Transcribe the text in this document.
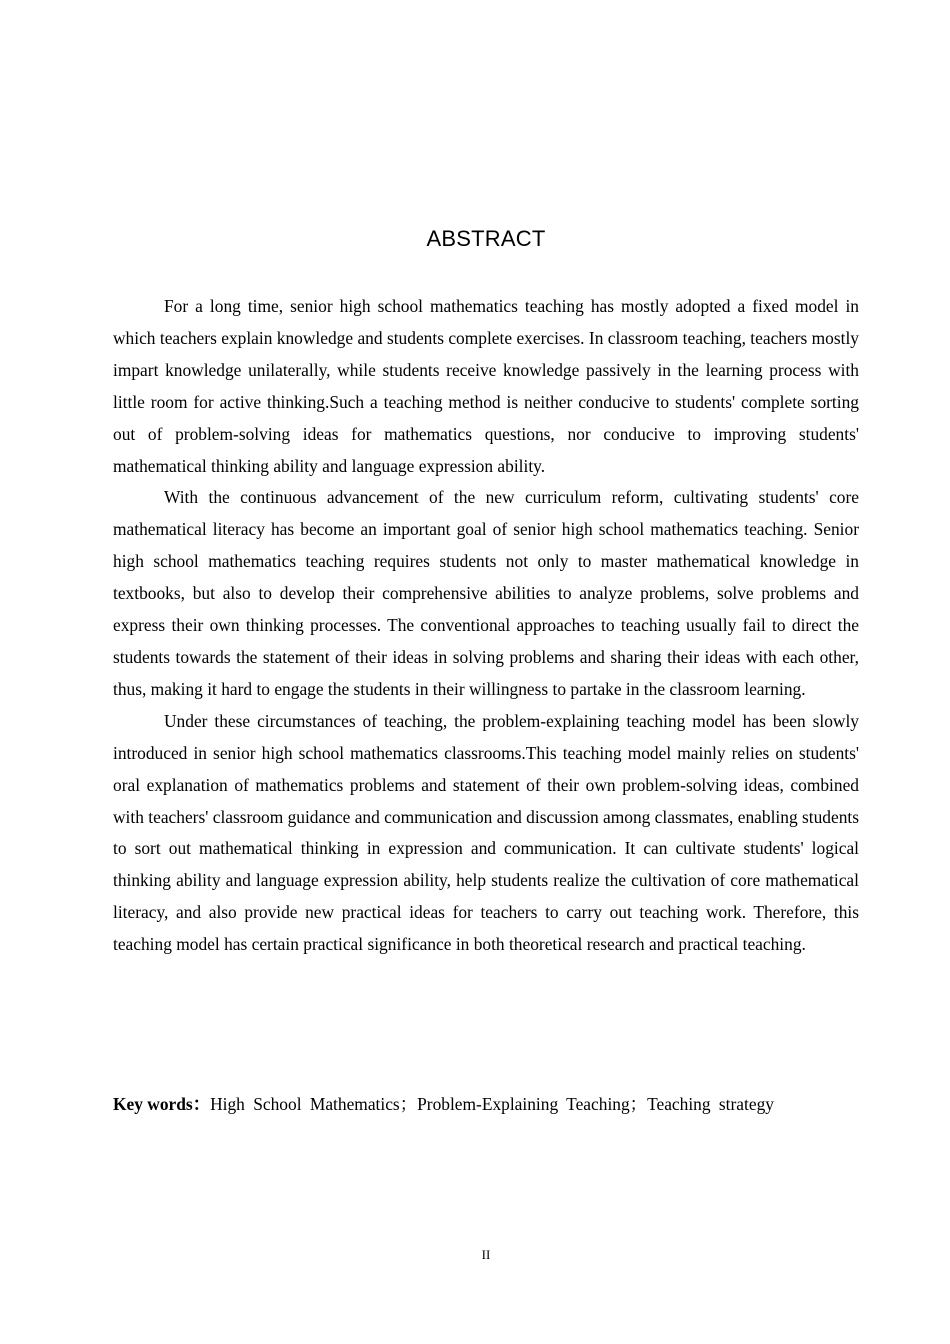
ABSTRACT

For a long time, senior high school mathematics teaching has mostly adopted a fixed model in which teachers explain knowledge and students complete exercises. In classroom teaching, teachers mostly impart knowledge unilaterally, while students receive knowledge passively in the learning process with little room for active thinking.Such a teaching method is neither conducive to students' complete sorting out of problem-solving ideas for mathematics questions, nor conducive to improving students' mathematical thinking ability and language expression ability.

With the continuous advancement of the new curriculum reform, cultivating students' core mathematical literacy has become an important goal of senior high school mathematics teaching. Senior high school mathematics teaching requires students not only to master mathematical knowledge in textbooks, but also to develop their comprehensive abilities to analyze problems, solve problems and express their own thinking processes. The conventional approaches to teaching usually fail to direct the students towards the statement of their ideas in solving problems and sharing their ideas with each other, thus, making it hard to engage the students in their willingness to partake in the classroom learning.

Under these circumstances of teaching, the problem-explaining teaching model has been slowly introduced in senior high school mathematics classrooms.This teaching model mainly relies on students' oral explanation of mathematics problems and statement of their own problem-solving ideas, combined with teachers' classroom guidance and communication and discussion among classmates, enabling students to sort out mathematical thinking in expression and communication. It can cultivate students' logical thinking ability and language expression ability, help students realize the cultivation of core mathematical literacy, and also provide new practical ideas for teachers to carry out teaching work. Therefore, this teaching model has certain practical significance in both theoretical research and practical teaching.

Key words：High School Mathematics；Problem-Explaining Teaching；Teaching strategy
II
